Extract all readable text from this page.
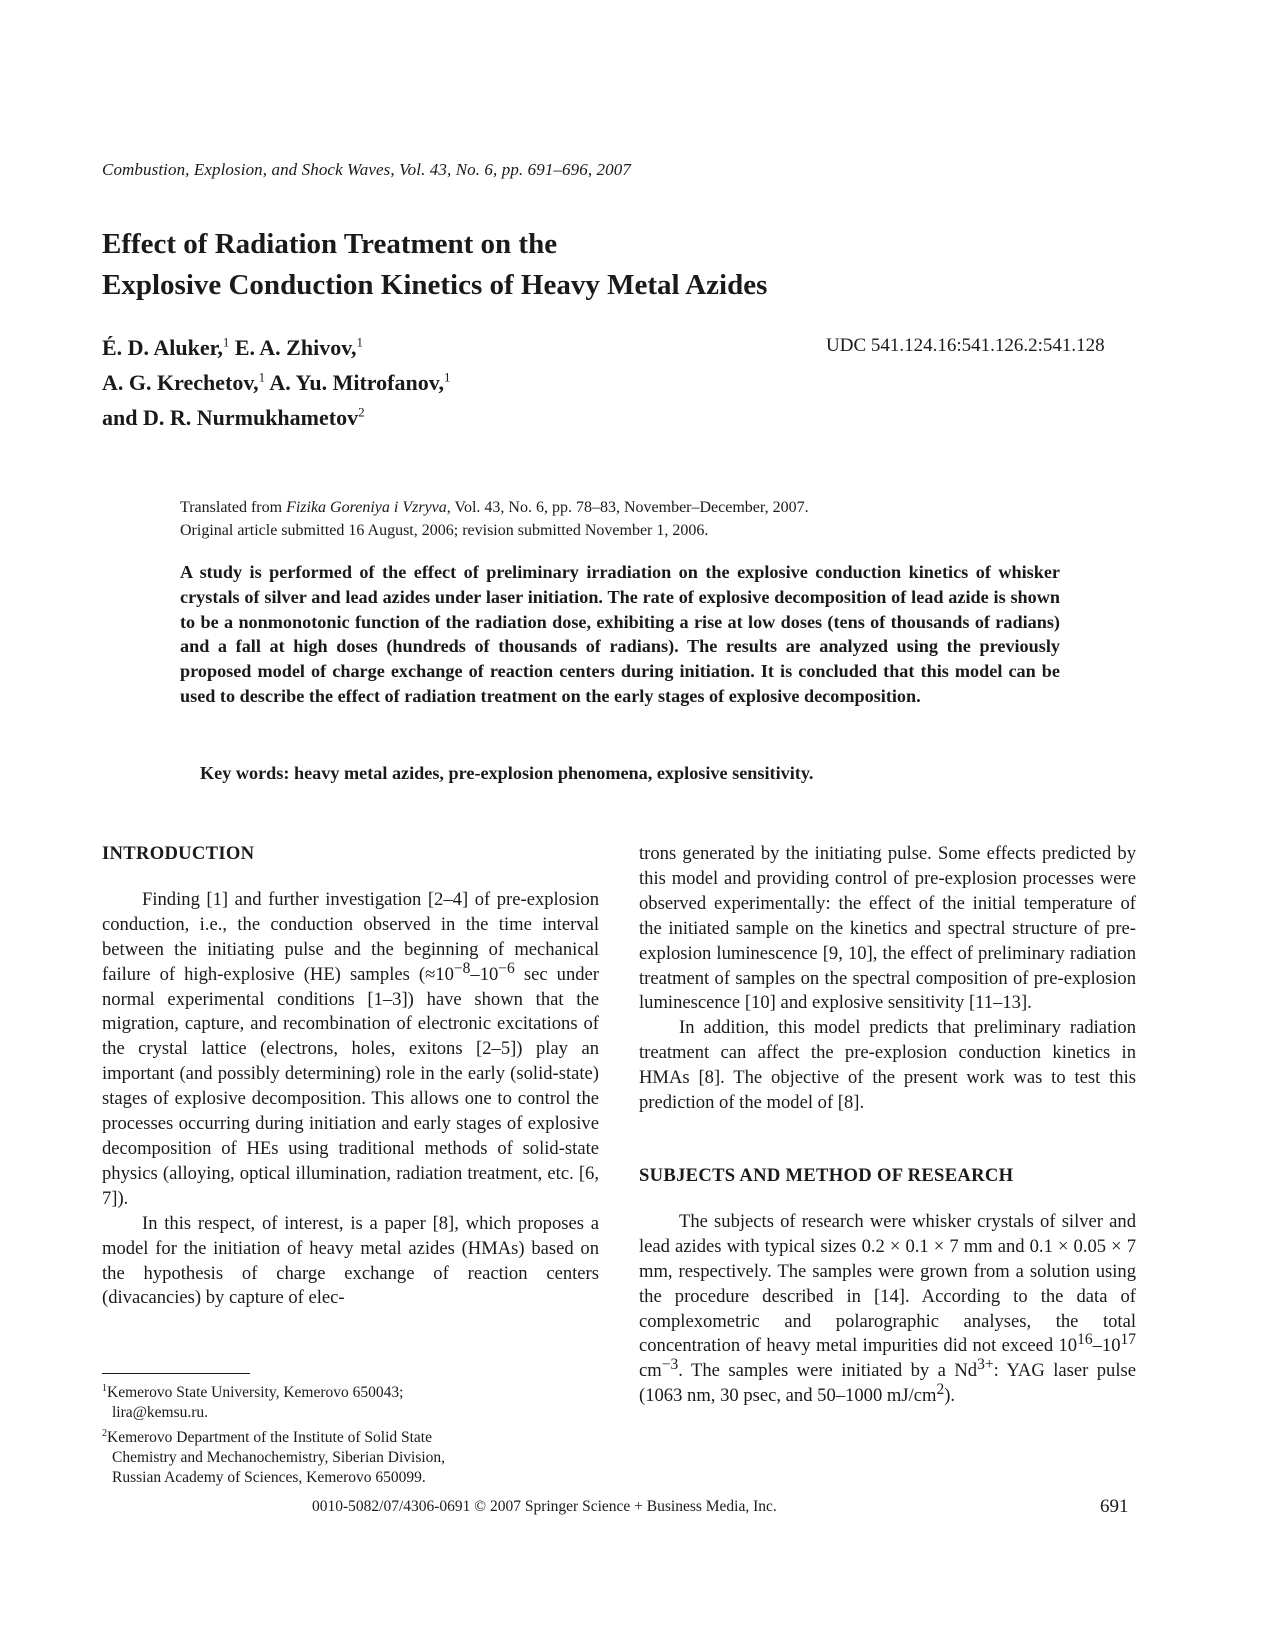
Combustion, Explosion, and Shock Waves, Vol. 43, No. 6, pp. 691–696, 2007
Effect of Radiation Treatment on the
Explosive Conduction Kinetics of Heavy Metal Azides
É. D. Aluker,$^1$ E. A. Zhivov,$^1$
A. G. Krechetov,$^1$ A. Yu. Mitrofanov,$^1$
and D. R. Nurmukhametov$^2$
UDC 541.124.16:541.126.2:541.128
Translated from Fizika Goreniya i Vzryva, Vol. 43, No. 6, pp. 78–83, November–December, 2007.
Original article submitted 16 August, 2006; revision submitted November 1, 2006.
A study is performed of the effect of preliminary irradiation on the explosive conduction kinetics of whisker crystals of silver and lead azides under laser initiation. The rate of explosive decomposition of lead azide is shown to be a nonmonotonic function of the radiation dose, exhibiting a rise at low doses (tens of thousands of radians) and a fall at high doses (hundreds of thousands of radians). The results are analyzed using the previously proposed model of charge exchange of reaction centers during initiation. It is concluded that this model can be used to describe the effect of radiation treatment on the early stages of explosive decomposition.
Key words: heavy metal azides, pre-explosion phenomena, explosive sensitivity.
INTRODUCTION

Finding [1] and further investigation [2–4] of pre-explosion conduction, i.e., the conduction observed in the time interval between the initiating pulse and the beginning of mechanical failure of high-explosive (HE) samples ($\approx 10^{-8}-10^{-6}$ sec under normal experimental conditions [1–3]) have shown that the migration, capture, and recombination of electronic excitations of the crystal lattice (electrons, holes, exitons [2–5]) play an important (and possibly determining) role in the early (solid-state) stages of explosive decomposition. This allows one to control the processes occurring during initiation and early stages of explosive decomposition of HEs using traditional methods of solid-state physics (alloying, optical illumination, radiation treatment, etc. [6, 7]).

In this respect, of interest, is a paper [8], which proposes a model for the initiation of heavy metal azides (HMAs) based on the hypothesis of charge exchange of reaction centers (divacancies) by capture of elec-

trons generated by the initiating pulse. Some effects predicted by this model and providing control of pre-explosion processes were observed experimentally: the effect of the initial temperature of the initiated sample on the kinetics and spectral structure of pre-explosion luminescence [9, 10], the effect of preliminary radiation treatment of samples on the spectral composition of pre-explosion luminescence [10] and explosive sensitivity [11–13].

In addition, this model predicts that preliminary radiation treatment can affect the pre-explosion conduction kinetics in HMAs [8]. The objective of the present work was to test this prediction of the model of [8].

SUBJECTS AND METHOD OF RESEARCH

The subjects of research were whisker crystals of silver and lead azides with typical sizes 0.2 × 0.1 × 7 mm and 0.1 × 0.05 × 7 mm, respectively. The samples were grown from a solution using the procedure described in [14]. According to the data of complexometric and polarographic analyses, the total concentration of heavy metal impurities did not exceed $10^{16}-10^{17}$ $cm^{-3}$. The samples were initiated by a $Nd^{3+}$: YAG laser pulse (1063 nm, 30 psec, and 50–1000 $mJ/cm^2$).

$^1$Kemerovo State University, Kemerovo 650043;
lira@kemsu.ru.
$^2$Kemerovo Department of the Institute of Solid State
Chemistry and Mechanochemistry, Siberian Division,
Russian Academy of Sciences, Kemerovo 650099.
0010-5082/07/4306-0691 © 2007 Springer Science + Business Media, Inc.	691
